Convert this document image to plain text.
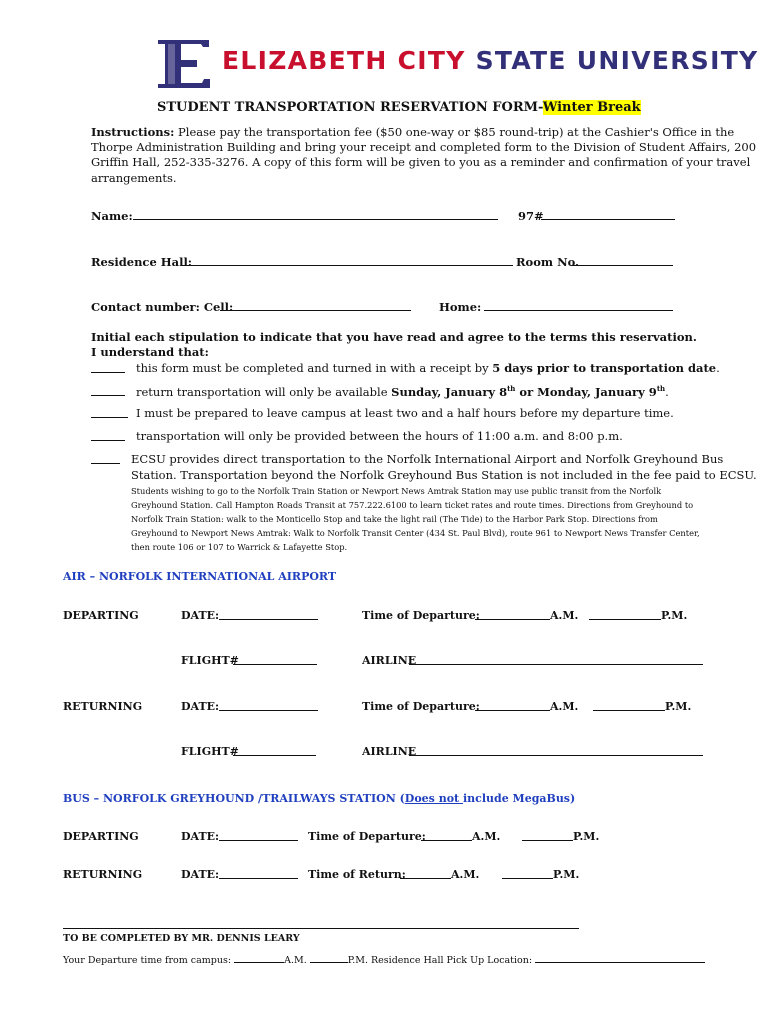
ELIZABETH CITY STATE UNIVERSITY
STUDENT TRANSPORTATION RESERVATION FORM-Winter Break
Instructions: Please pay the transportation fee ($50 one-way or $85 round-trip) at the Cashier's Office in the
Thorpe Administration Building and bring your receipt and completed form to the Division of Student Affairs, 200
Griffin Hall, 252-335-3276. A copy of this form will be given to you as a reminder and confirmation of your travel
arrangements.
Name:	97#
Residence Hall:	Room No.
Contact number: Cell:	Home:
Initial each stipulation to indicate that you have read and agree to the terms this reservation.
I understand that:
this form must be completed and turned in with a receipt by 5 days prior to transportation date.
return transportation will only be available Sunday, January 8th or Monday, January 9th.
I must be prepared to leave campus at least two and a half hours before my departure time.
transportation will only be provided between the hours of 11:00 a.m. and 8:00 p.m.
ECSU provides direct transportation to the Norfolk International Airport and Norfolk Greyhound Bus
Station. Transportation beyond the Norfolk Greyhound Bus Station is not included in the fee paid to ECSU.
Students wishing to go to the Norfolk Train Station or Newport News Amtrak Station may use public transit from the Norfolk
Greyhound Station. Call Hampton Roads Transit at 757.222.6100 to learn ticket rates and route times. Directions from Greyhound to
Norfolk Train Station: walk to the Monticello Stop and take the light rail (The Tide) to the Harbor Park Stop. Directions from
Greyhound to Newport News Amtrak: Walk to Norfolk Transit Center (434 St. Paul Blvd), route 961 to Newport News Transfer Center,
then route 106 or 107 to Warrick & Lafayette Stop.
AIR – NORFOLK INTERNATIONAL AIRPORT
DEPARTING	DATE:	Time of Departure:	A.M.	P.M.
FLIGHT#	AIRLINE
RETURNING	DATE:	Time of Departure:	A.M.	P.M.
FLIGHT#	AIRLINE
BUS – NORFOLK GREYHOUND /TRAILWAYS STATION (Does not include MegaBus)
DEPARTING	DATE:	Time of Departure:	A.M.	P.M.
RETURNING	DATE:	Time of Return:	A.M.	P.M.
TO BE COMPLETED BY MR. DENNIS LEARY
Your Departure time from campus:	A.M.	P.M. Residence Hall Pick Up Location:
